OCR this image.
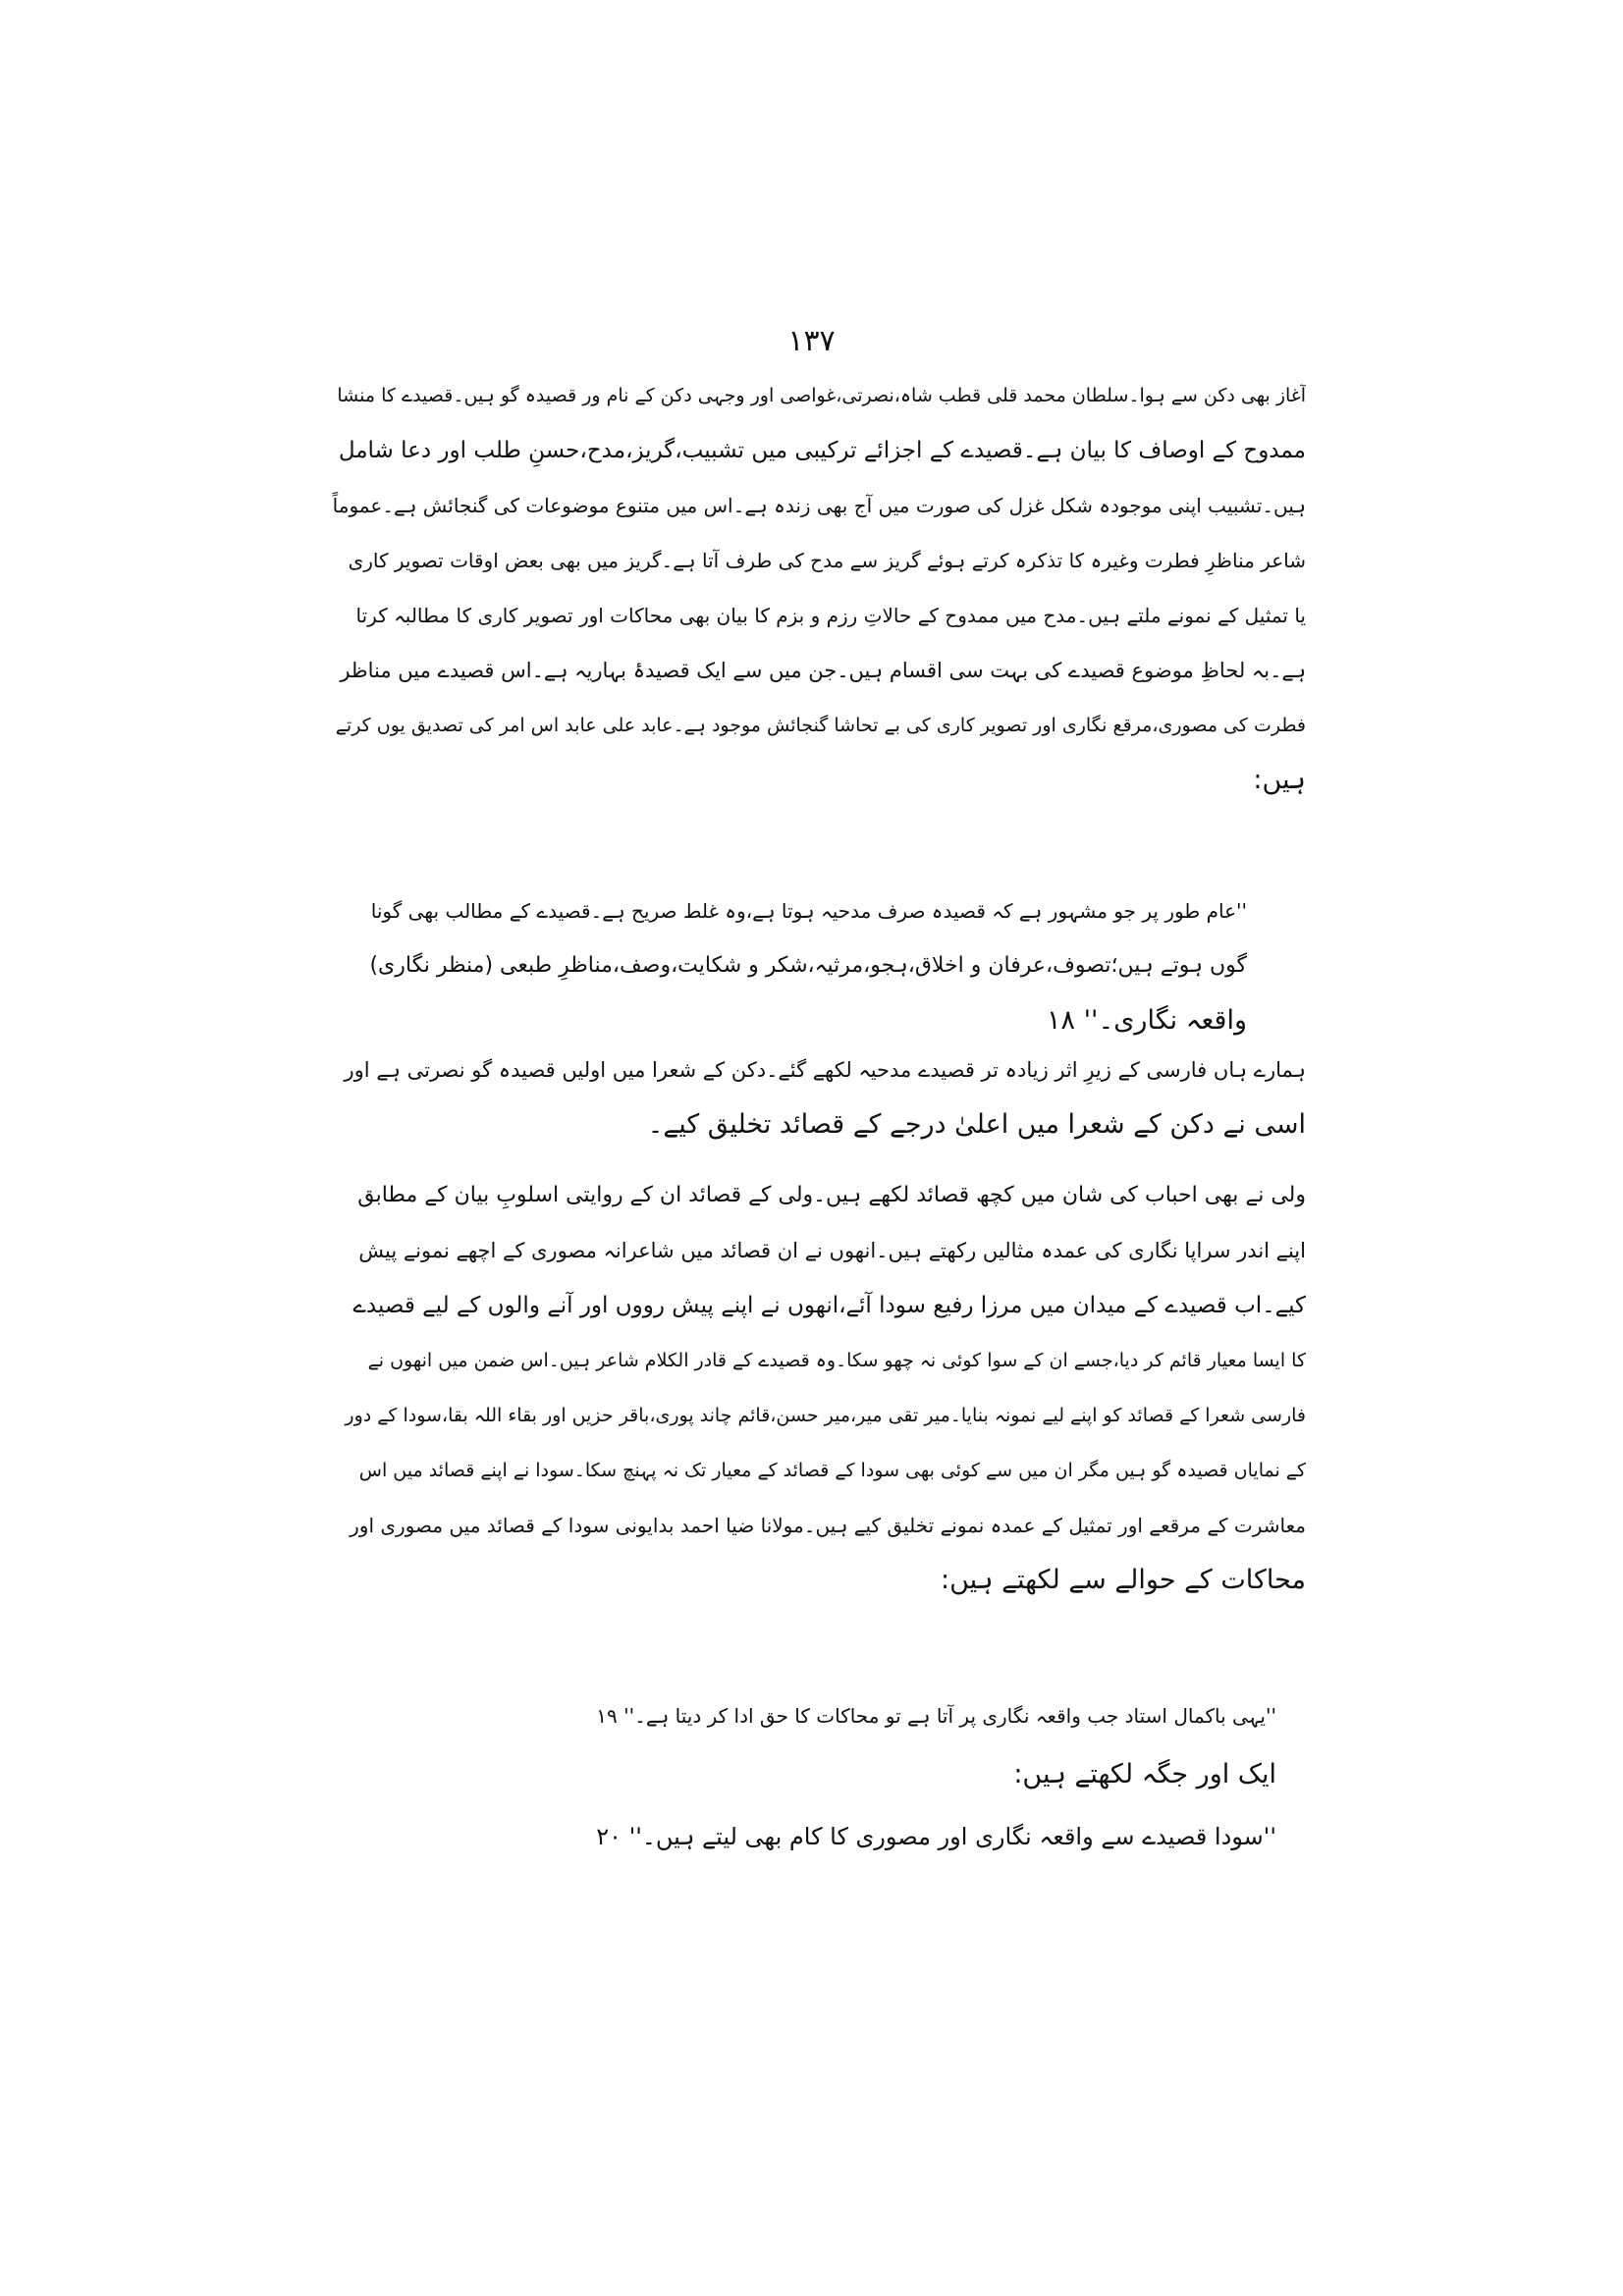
۱۳۷
آغاز بھی دکن سے ہوا۔سلطان محمد قلی قطب شاہ،نصرتی،غواصی اور وجہی دکن کے نام ور قصیدہ گو ہیں۔قصیدے کا منشا
ممدوح کے اوصاف کا بیان ہے۔قصیدے کے اجزائے ترکیبی میں تشبیب،گریز،مدح،حسنِ طلب اور دعا شامل
ہیں۔تشبیب اپنی موجودہ شکل غزل کی صورت میں آج بھی زندہ ہے۔اس میں متنوع موضوعات کی گنجائش ہے۔عموماً
شاعر مناظرِ فطرت وغیرہ کا تذکرہ کرتے ہوئے گریز سے مدح کی طرف آتا ہے۔گریز میں بھی بعض اوقات تصویر کاری
یا تمثیل کے نمونے ملتے ہیں۔مدح میں ممدوح کے حالاتِ رزم و بزم کا بیان بھی محاکات اور تصویر کاری کا مطالبہ کرتا
ہے۔بہ لحاظِ موضوع قصیدے کی بہت سی اقسام ہیں۔جن میں سے ایک قصیدۂ بہاریہ ہے۔اس قصیدے میں مناظر
فطرت کی مصوری،مرقع نگاری اور تصویر کاری کی بے تحاشا گنجائش موجود ہے۔عابد علی عابد اس امر کی تصدیق یوں کرتے
ہیں:
''عام طور پر جو مشہور ہے کہ قصیدہ صرف مدحیہ ہوتا ہے،وہ غلط صریح ہے۔قصیدے کے مطالب بھی گونا
گوں ہوتے ہیں؛تصوف،عرفان و اخلاق،ہجو،مرثیہ،شکر و شکایت،وصف،مناظرِ طبعی (منظر نگاری)
واقعہ نگاری۔'' ۱۸
ہمارے ہاں فارسی کے زیرِ اثر زیادہ تر قصیدے مدحیہ لکھے گئے۔دکن کے شعرا میں اولیں قصیدہ گو نصرتی ہے اور
اسی نے دکن کے شعرا میں اعلیٰ درجے کے قصائد تخلیق کیے۔
ولی نے بھی احباب کی شان میں کچھ قصائد لکھے ہیں۔ولی کے قصائد ان کے روایتی اسلوبِ بیان کے مطابق
اپنے اندر سراپا نگاری کی عمدہ مثالیں رکھتے ہیں۔انھوں نے ان قصائد میں شاعرانہ مصوری کے اچھے نمونے پیش
کیے۔اب قصیدے کے میدان میں مرزا رفیع سودا آئے،انھوں نے اپنے پیش رووں اور آنے والوں کے لیے قصیدے
کا ایسا معیار قائم کر دیا،جسے ان کے سوا کوئی نہ چھو سکا۔وہ قصیدے کے قادر الکلام شاعر ہیں۔اس ضمن میں انھوں نے
فارسی شعرا کے قصائد کو اپنے لیے نمونہ بنایا۔میر تقی میر،میر حسن،قائم چاند پوری،باقر حزیں اور بقاء اللہ بقا،سودا کے دور
کے نمایاں قصیدہ گو ہیں مگر ان میں سے کوئی بھی سودا کے قصائد کے معیار تک نہ پہنچ سکا۔سودا نے اپنے قصائد میں اس
معاشرت کے مرقعے اور تمثیل کے عمدہ نمونے تخلیق کیے ہیں۔مولانا ضیا احمد بدایونی سودا کے قصائد میں مصوری اور
محاکات کے حوالے سے لکھتے ہیں:
''یہی باکمال استاد جب واقعہ نگاری پر آتا ہے تو محاکات کا حق ادا کر دیتا ہے۔'' ۱۹
ایک اور جگہ لکھتے ہیں:
''سودا قصیدے سے واقعہ نگاری اور مصوری کا کام بھی لیتے ہیں۔'' ۲۰
